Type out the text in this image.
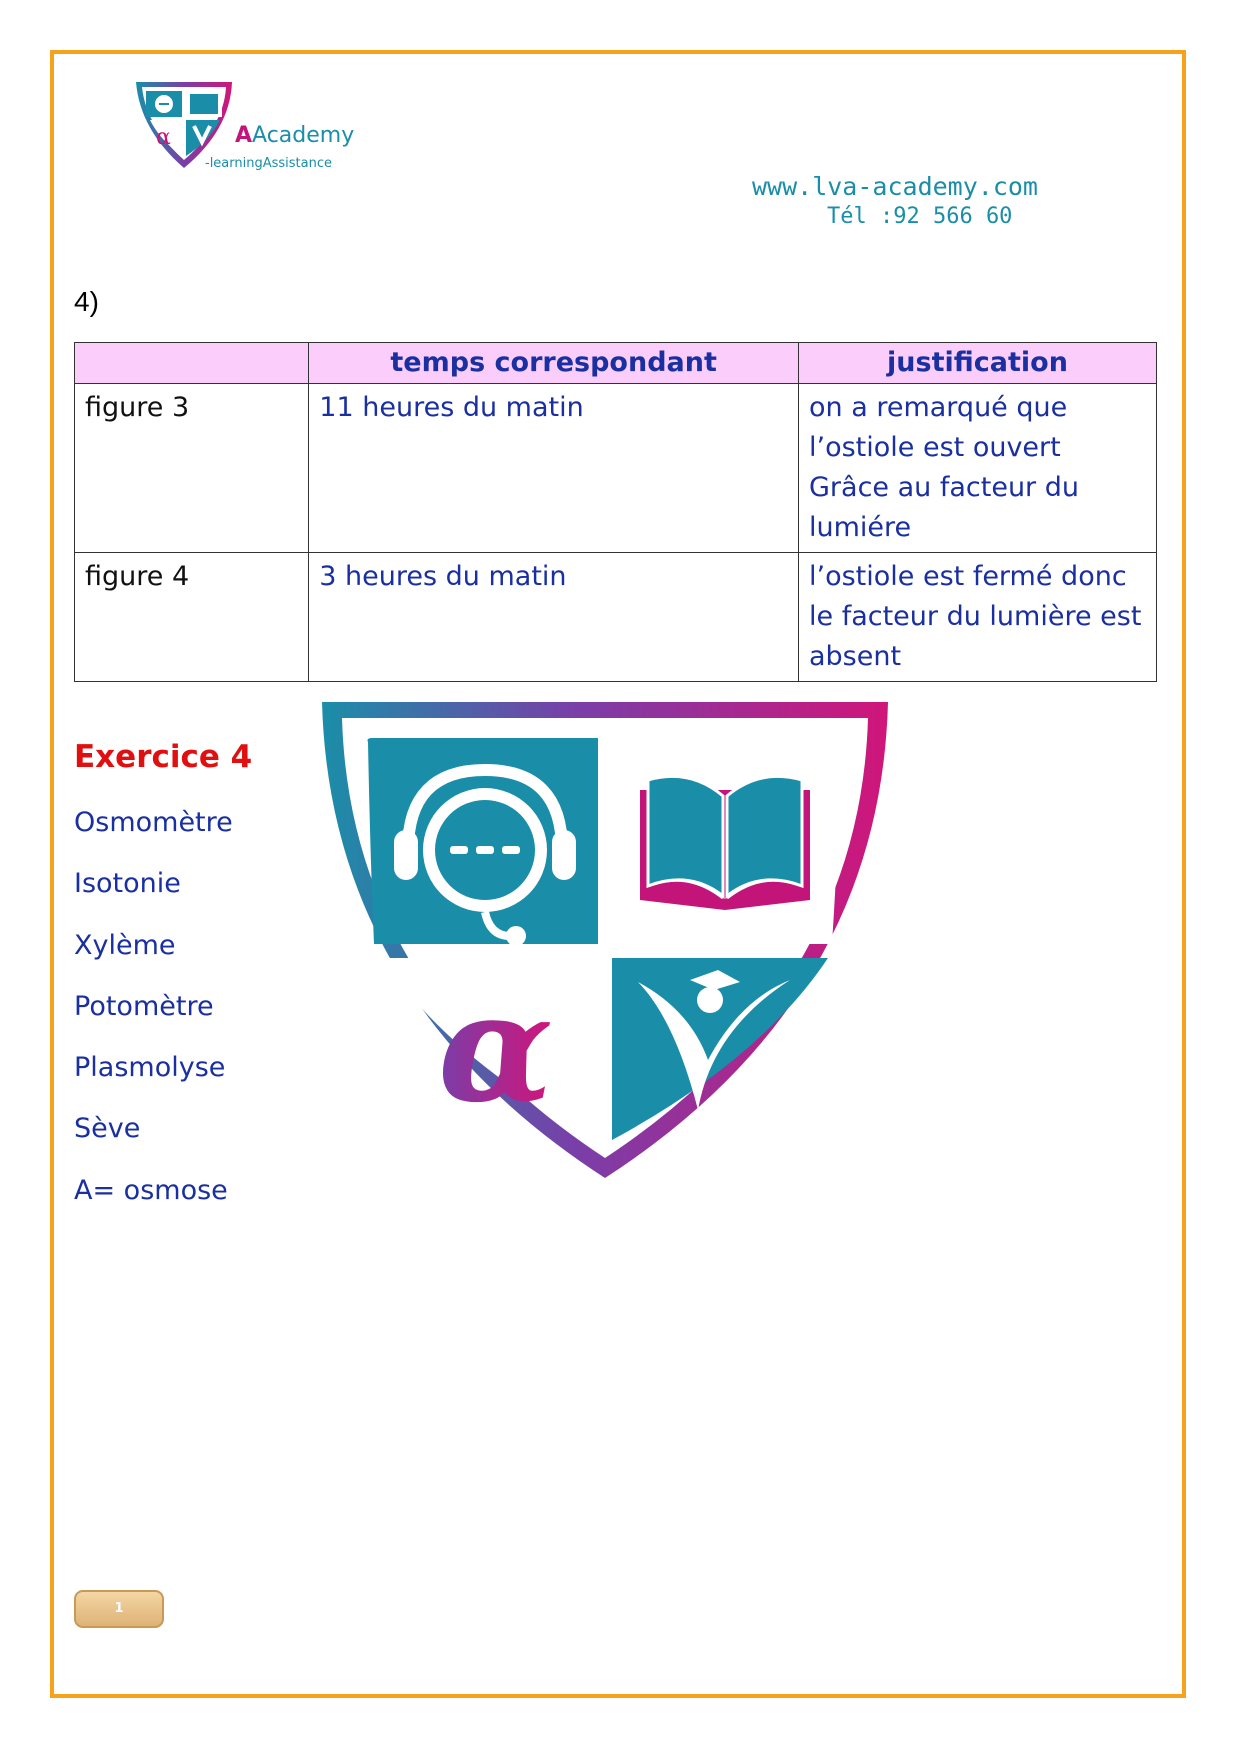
α	AAcademy
-learningAssistance
www.lva-academy.com
Tél :92 566 60
4)
	temps correspondant	justification
figure 3	11 heures du matin	on a remarqué que l’ostiole est ouvert Grâce au facteur du lumiére
figure 4	3 heures du matin	l’ostiole est fermé donc le facteur du lumière est absent
Exercice 4
Osmomètre
Isotonie
Xylème
Potomètre
Plasmolyse
Sève
A= osmose
α
1
